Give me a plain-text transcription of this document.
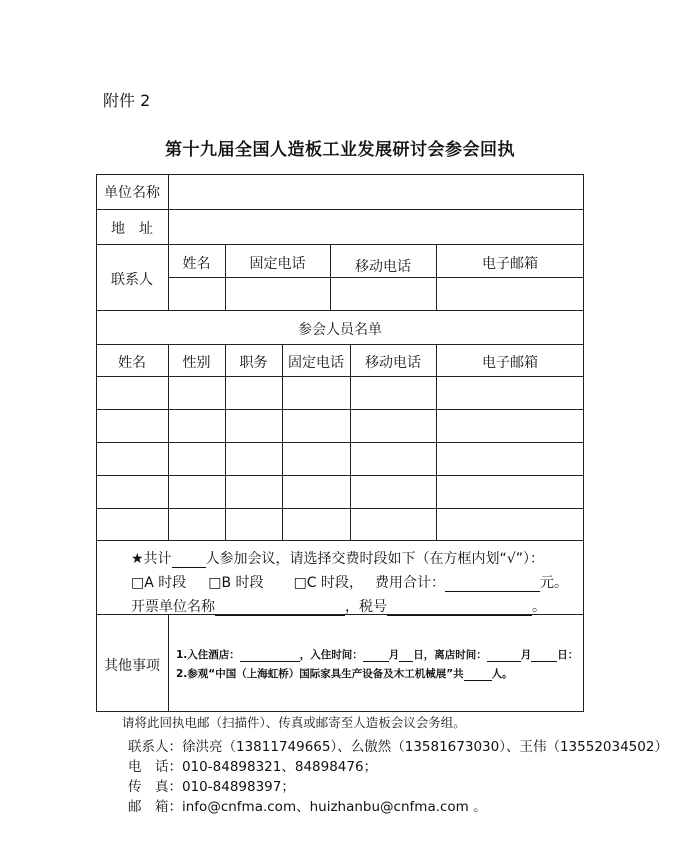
附件 2
第十九届全国人造板工业发展研讨会参会回执
单位名称
地　址
联系人
姓名	固定电话	移动电话	电子邮箱
参会人员名单
姓名	性别	职务	固定电话	移动电话	电子邮箱
★共计 人参加会议，请选择交费时段如下（在方框内划“√”）：
□A 时段 □B 时段 □C 时段， 费用合计：	元。
开票单位名称	，税号	。
其他事项
1.入住酒店：	，入住时间： 月 日，离店时间：	月 日：
2.参观“中国（上海虹桥）国际家具生产设备及木工机械展”共	人。
请将此回执电邮（扫描件）、传真或邮寄至人造板会议会务组。
联系人：徐洪亮（13811749665）、么傲然（13581673030）、王伟（13552034502）
电　话：010-84898321、84898476；
传　真：010-84898397；
邮　箱：info@cnfma.com、huizhanbu@cnfma.com 。
